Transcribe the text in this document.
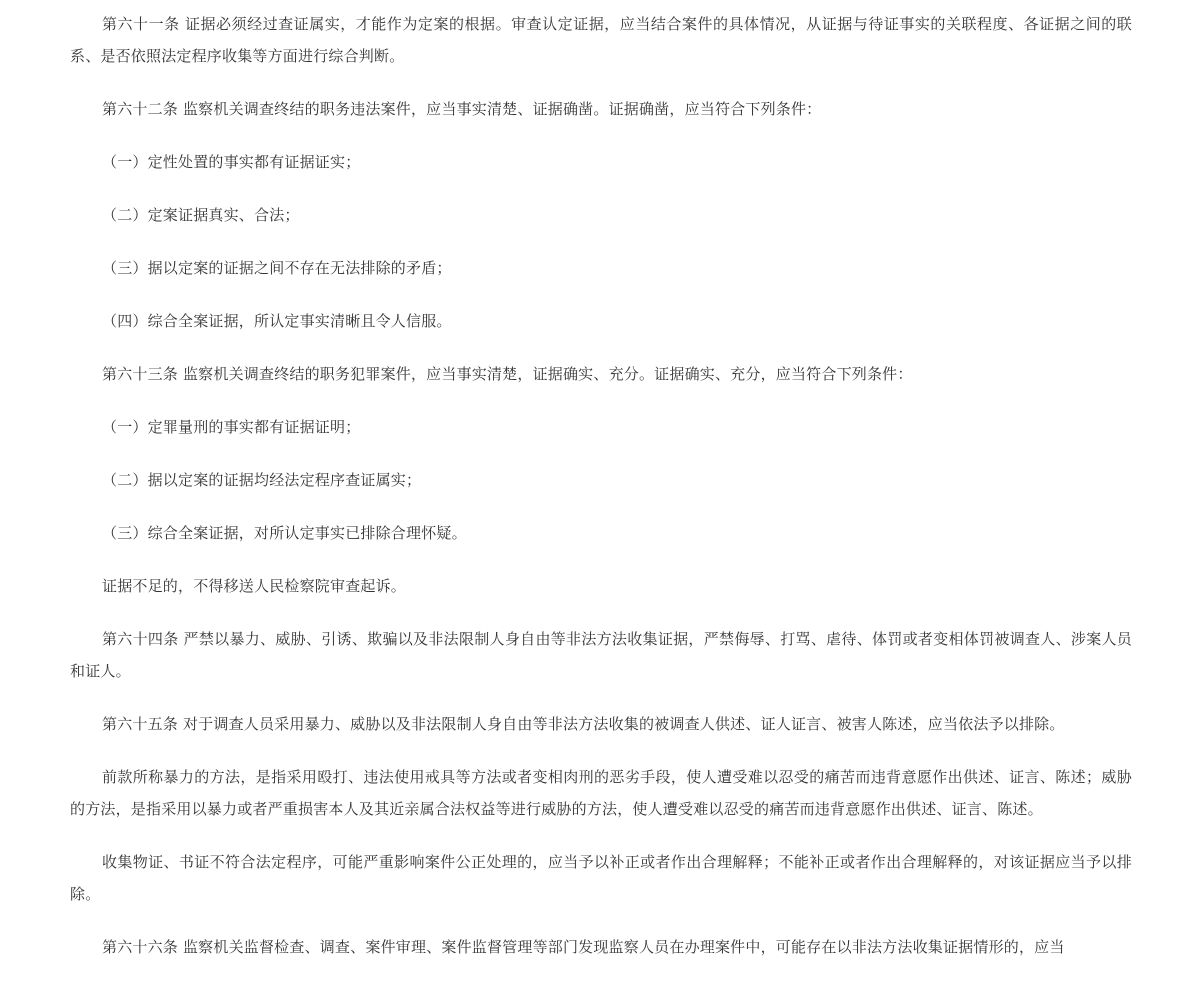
第六十一条 证据必须经过查证属实，才能作为定案的根据。审查认定证据，应当结合案件的具体情况，从证据与待证事实的关联程度、各证据之间的联系、是否依照法定程序收集等方面进行综合判断。

第六十二条 监察机关调查终结的职务违法案件，应当事实清楚、证据确凿。证据确凿，应当符合下列条件：

（一）定性处置的事实都有证据证实；

（二）定案证据真实、合法；

（三）据以定案的证据之间不存在无法排除的矛盾；

（四）综合全案证据，所认定事实清晰且令人信服。

第六十三条 监察机关调查终结的职务犯罪案件，应当事实清楚，证据确实、充分。证据确实、充分，应当符合下列条件：

（一）定罪量刑的事实都有证据证明；

（二）据以定案的证据均经法定程序查证属实；

（三）综合全案证据，对所认定事实已排除合理怀疑。

证据不足的，不得移送人民检察院审查起诉。

第六十四条 严禁以暴力、威胁、引诱、欺骗以及非法限制人身自由等非法方法收集证据，严禁侮辱、打骂、虐待、体罚或者变相体罚被调查人、涉案人员和证人。

第六十五条 对于调查人员采用暴力、威胁以及非法限制人身自由等非法方法收集的被调查人供述、证人证言、被害人陈述，应当依法予以排除。

前款所称暴力的方法，是指采用殴打、违法使用戒具等方法或者变相肉刑的恶劣手段，使人遭受难以忍受的痛苦而违背意愿作出供述、证言、陈述；威胁的方法，是指采用以暴力或者严重损害本人及其近亲属合法权益等进行威胁的方法，使人遭受难以忍受的痛苦而违背意愿作出供述、证言、陈述。

收集物证、书证不符合法定程序，可能严重影响案件公正处理的，应当予以补正或者作出合理解释；不能补正或者作出合理解释的，对该证据应当予以排除。

第六十六条 监察机关监督检查、调查、案件审理、案件监督管理等部门发现监察人员在办理案件中，可能存在以非法方法收集证据情形的，应当
